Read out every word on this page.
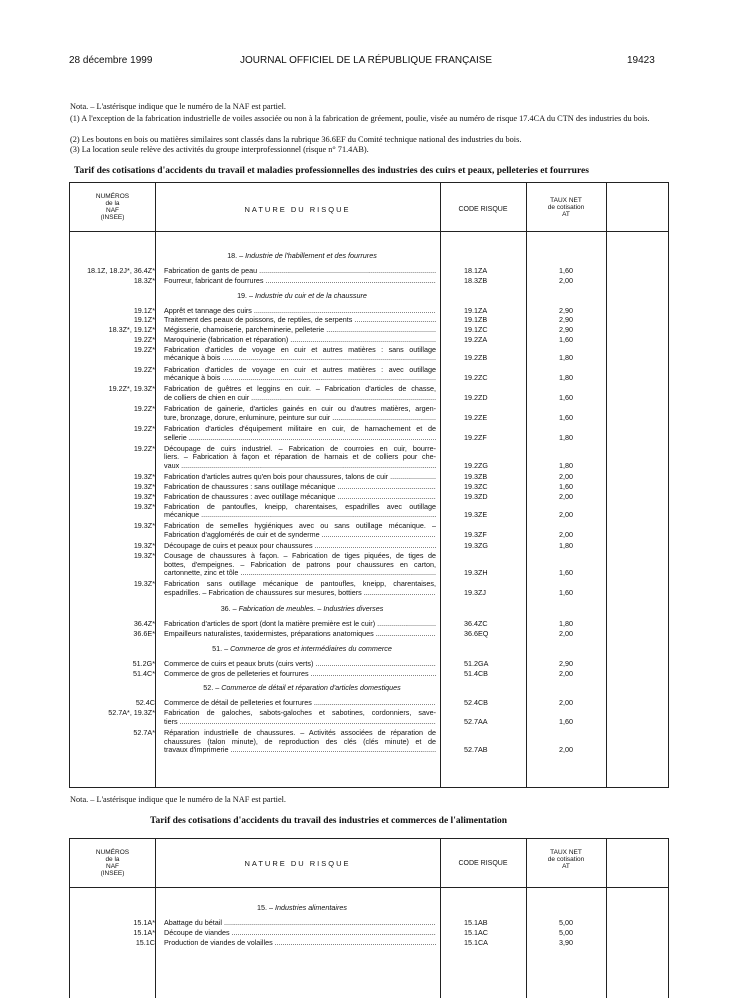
28 décembre 1999	JOURNAL OFFICIEL DE LA RÉPUBLIQUE FRANÇAISE	19423
Nota. – L'astérisque indique que le numéro de la NAF est partiel.
(1) A l'exception de la fabrication industrielle de voiles associée ou non à la fabrication de gréement, poulie, visée au numéro de risque 17.4CA du CTN des industries du bois.
(2) Les boutons en bois ou matières similaires sont classés dans la rubrique 36.6EF du Comité technique national des industries du bois.
(3) La location seule relève des activités du groupe interprofessionnel (risque n° 71.4AB).
Tarif des cotisations d'accidents du travail et maladies professionnelles des industries des cuirs et peaux, pelleteries et fourrures
NUMÉROS
de la
NAF
(INSEE)
NATURE DU RISQUE	CODE RISQUE
TAUX NET
de cotisation
AT
18. – Industrie de l'habillement et des fourrures
18.1Z, 18.2J*, 36.4Z* Fabrication de gants de peau .....	18.1ZA	1,60
18.3Z* Fourreur, fabricant de fourrures .....	18.3ZB	2,00
19. – Industrie du cuir et de la chaussure
19.1Z* Apprêt et tannage des cuirs .....	19.1ZA	2,90
19.1Z* Traitement des peaux de poissons, de reptiles, de serpents .....	19.1ZB	2,90
18.3Z*, 19.1Z* Mégisserie, chamoiserie, parcheminerie, pelleterie .....	19.1ZC	2,90
19.2Z* Maroquinerie (fabrication et réparation) .....	19.2ZA	1,60
19.2Z* Fabrication d'articles de voyage en cuir et autres matières : sans outillage
mécanique à bois .....	19.2ZB	1,80
19.2Z* Fabrication d'articles de voyage en cuir et autres matières : avec outillage
mécanique à bois .....	19.2ZC	1,80
19.2Z*, 19.3Z* Fabrication de guêtres et leggins en cuir. – Fabrication d'articles de chasse,
de colliers de chien en cuir .....	19.2ZD	1,60
19.2Z* Fabrication de gainerie, d'articles gainés en cuir ou d'autres matières, argen-
ture, bronzage, dorure, enluminure, peinture sur cuir .....	19.2ZE	1,60
19.2Z* Fabrication d'articles d'équipement militaire en cuir, de harnachement et de
sellerie .....	19.2ZF	1,80
19.2Z* Découpage de cuirs industriel. – Fabrication de courroies en cuir, bourre-
liers. – Fabrication à façon et réparation de harnais et de colliers pour che-
vaux .....	19.2ZG	1,80
19.3Z* Fabrication d'articles autres qu'en bois pour chaussures, talons de cuir .....	19.3ZB	2,00
19.3Z* Fabrication de chaussures : sans outillage mécanique .....	19.3ZC	1,60
19.3Z* Fabrication de chaussures : avec outillage mécanique .....	19.3ZD	2,00
19.3Z* Fabrication de pantoufles, kneipp, charentaises, espadrilles avec outillage
mécanique .....	19.3ZE	2,00
19.3Z* Fabrication de semelles hygiéniques avec ou sans outillage mécanique. –
Fabrication d'agglomérés de cuir et de synderme .....	19.3ZF	2,00
19.3Z* Découpage de cuirs et peaux pour chaussures .....	19.3ZG	1,80
19.3Z* Cousage de chaussures à façon. – Fabrication de tiges piquées, de tiges de
bottes, d'empeignes. – Fabrication de patrons pour chaussures en carton,
cartonnette, zinc et tôle .....	19.3ZH	1,60
19.3Z* Fabrication sans outillage mécanique de pantoufles, kneipp, charentaises,
espadrilles. – Fabrication de chaussures sur mesures, bottiers .....	19.3ZJ	1,60
36. – Fabrication de meubles. – Industries diverses
36.4Z* Fabrication d'articles de sport (dont la matière première est le cuir) .....	36.4ZC	1,80
36.6E* Empailleurs naturalistes, taxidermistes, préparations anatomiques .....	36.6EQ	2,00
51. – Commerce de gros et intermédiaires du commerce
51.2G* Commerce de cuirs et peaux bruts (cuirs verts) .....	51.2GA	2,90
51.4C* Commerce de gros de pelleteries et fourrures .....	51.4CB	2,00
52. – Commerce de détail et réparation d'articles domestiques
52.4C Commerce de détail de pelleteries et fourrures .....	52.4CB	2,00
52.7A*, 19.3Z* Fabrication de galoches, sabots-galoches et sabotines, cordonniers, save-
tiers .....	52.7AA	1,60
52.7A* Réparation industrielle de chaussures. – Activités associées de réparation de
chaussures (talon minute), de reproduction des clés (clés minute) et de
travaux d'imprimerie .....	52.7AB	2,00
Nota. – L'astérisque indique que le numéro de la NAF est partiel.
Tarif des cotisations d'accidents du travail des industries et commerces de l'alimentation
NUMÉROS
de la
NAF
(INSEE)
NATURE DU RISQUE	CODE RISQUE
TAUX NET
de cotisation
AT
15. – Industries alimentaires
15.1A* Abattage du bétail .....	15.1AB	5,00
15.1A* Découpe de viandes .....	15.1AC	5,00
15.1C Production de viandes de volailles .....	15.1CA	3,90
